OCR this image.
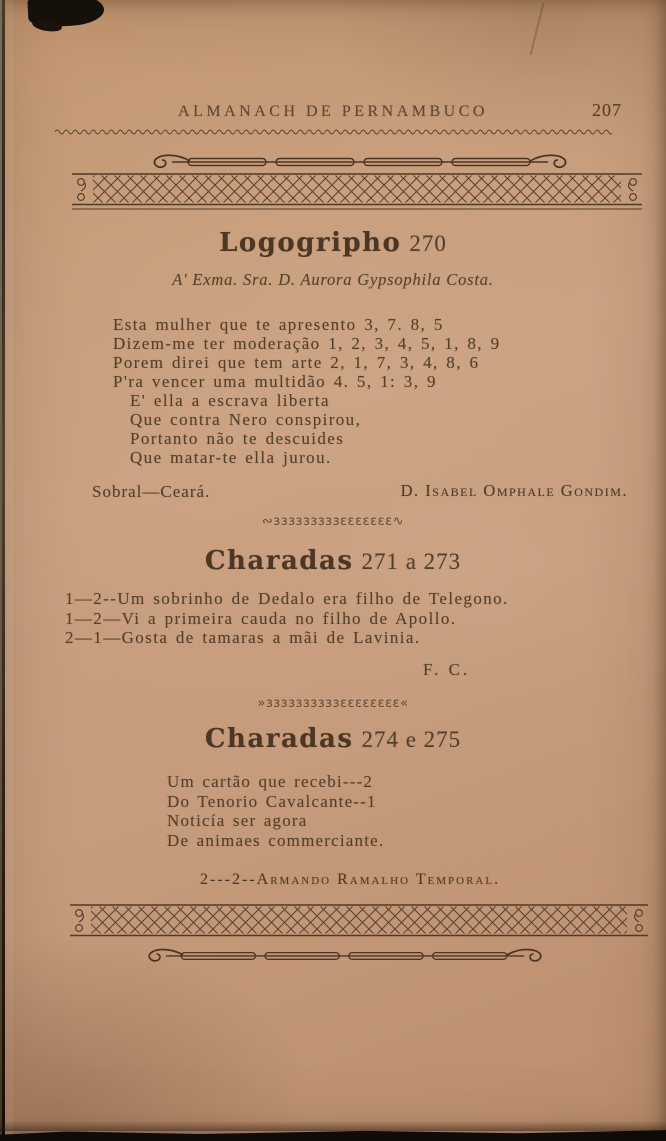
ALMANACH DE PERNAMBUCO	207
Logogripho 270
A' Exma. Sra. D. Aurora Gypsophila Costa.
Esta mulher que te apresento 3, 7. 8, 5
Dizem-me ter moderação 1, 2, 3, 4, 5, 1, 8, 9
Porem direi que tem arte 2, 1, 7, 3, 4, 8, 6
P'ra vencer uma multidão 4. 5, 1: 3, 9
E' ella a escrava liberta
Que contra Nero conspirou,
Portanto não te descuides
Que matar-te ella jurou.
Sobral—Ceará.	D. Isabel Omphale Gondim.
∾ɜɜɜɜɜɜɜɜɜɛɛɛɛɛɛɛ∿
Charadas 271 a 273
1—2--Um sobrinho de Dedalo era filho de Telegono.
1—2—Vi a primeira cauda no filho de Apollo.
2—1—Gosta de tamaras a mãi de Lavinia.
F. C.
»ɜɜɜɜɜɜɜɜɜɜɛɛɛɛɛɛɛɛ«
Charadas 274 e 275
Um cartão que recebi---2
Do Tenorio Cavalcante--1
Noticía ser agora
De animaes commerciante.
2---2--Armando Ramalho Temporal.
